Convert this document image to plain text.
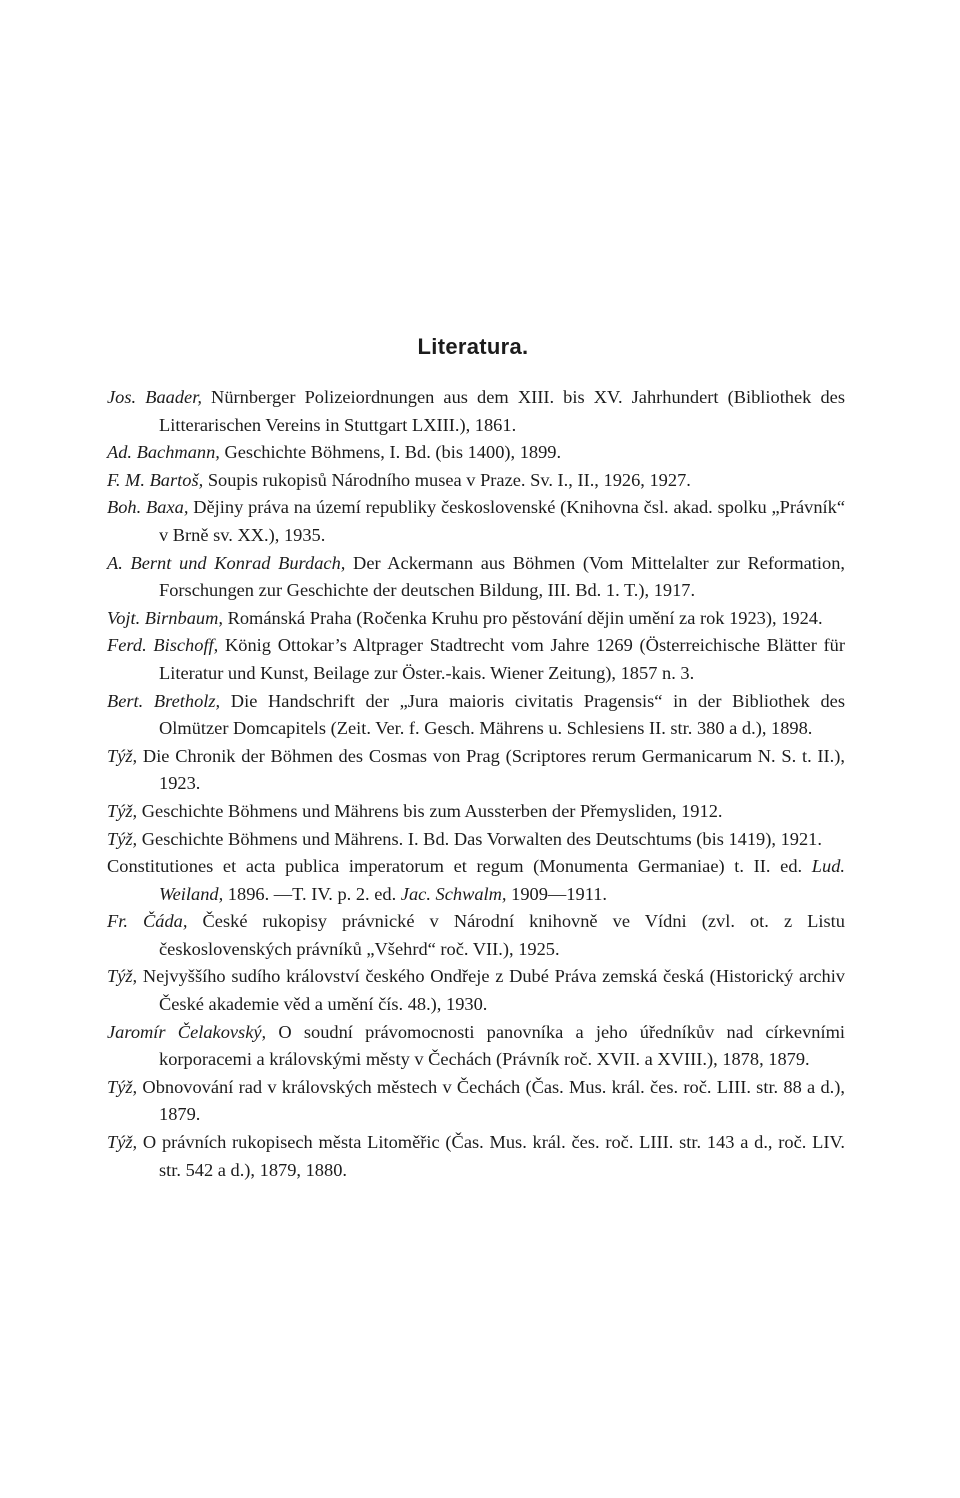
Literatura.

Jos. Baader, Nürnberger Polizeiordnungen aus dem XIII. bis XV. Jahrhundert (Bibliothek des Litterarischen Vereins in Stuttgart LXIII.), 1861.

Ad. Bachmann, Geschichte Böhmens, I. Bd. (bis 1400), 1899.

F. M. Bartoš, Soupis rukopisů Národního musea v Praze. Sv. I., II., 1926, 1927.

Boh. Baxa, Dějiny práva na území republiky československé (Knihovna čsl. akad. spolku „Právník“ v Brně sv. XX.), 1935.

A. Bernt und Konrad Burdach, Der Ackermann aus Böhmen (Vom Mittelalter zur Reformation, Forschungen zur Geschichte der deutschen Bildung, III. Bd. 1. T.), 1917.

Vojt. Birnbaum, Románská Praha (Ročenka Kruhu pro pěstování dějin umění za rok 1923), 1924.

Ferd. Bischoff, König Ottokar’s Altprager Stadtrecht vom Jahre 1269 (Österreichische Blätter für Literatur und Kunst, Beilage zur Öster.-kais. Wiener Zeitung), 1857 n. 3.

Bert. Bretholz, Die Handschrift der „Jura maioris civitatis Pragensis“ in der Bibliothek des Olmützer Domcapitels (Zeit. Ver. f. Gesch. Mährens u. Schlesiens II. str. 380 a d.), 1898.

Týž, Die Chronik der Böhmen des Cosmas von Prag (Scriptores rerum Germanicarum N. S. t. II.), 1923.

Týž, Geschichte Böhmens und Mährens bis zum Aussterben der Přemysliden, 1912.

Týž, Geschichte Böhmens und Mährens. I. Bd. Das Vorwalten des Deutschtums (bis 1419), 1921.

Constitutiones et acta publica imperatorum et regum (Monumenta Germaniae) t. II. ed. Lud. Weiland, 1896. —T. IV. p. 2. ed. Jac. Schwalm, 1909—1911.

Fr. Čáda, České rukopisy právnické v Národní knihovně ve Vídni (zvl. ot. z Listu československých právníků „Všehrd“ roč. VII.), 1925.

Týž, Nejvyššího sudího království českého Ondřeje z Dubé Práva zemská česká (Historický archiv České akademie věd a umění čís. 48.), 1930.

Jaromír Čelakovský, O soudní právomocnosti panovníka a jeho úředníkův nad církevními korporacemi a královskými městy v Čechách (Právník roč. XVII. a XVIII.), 1878, 1879.

Týž, Obnovování rad v královských městech v Čechách (Čas. Mus. král. čes. roč. LIII. str. 88 a d.), 1879.

Týž, O právních rukopisech města Litoměřic (Čas. Mus. král. čes. roč. LIII. str. 143 a d., roč. LIV. str. 542 a d.), 1879, 1880.
